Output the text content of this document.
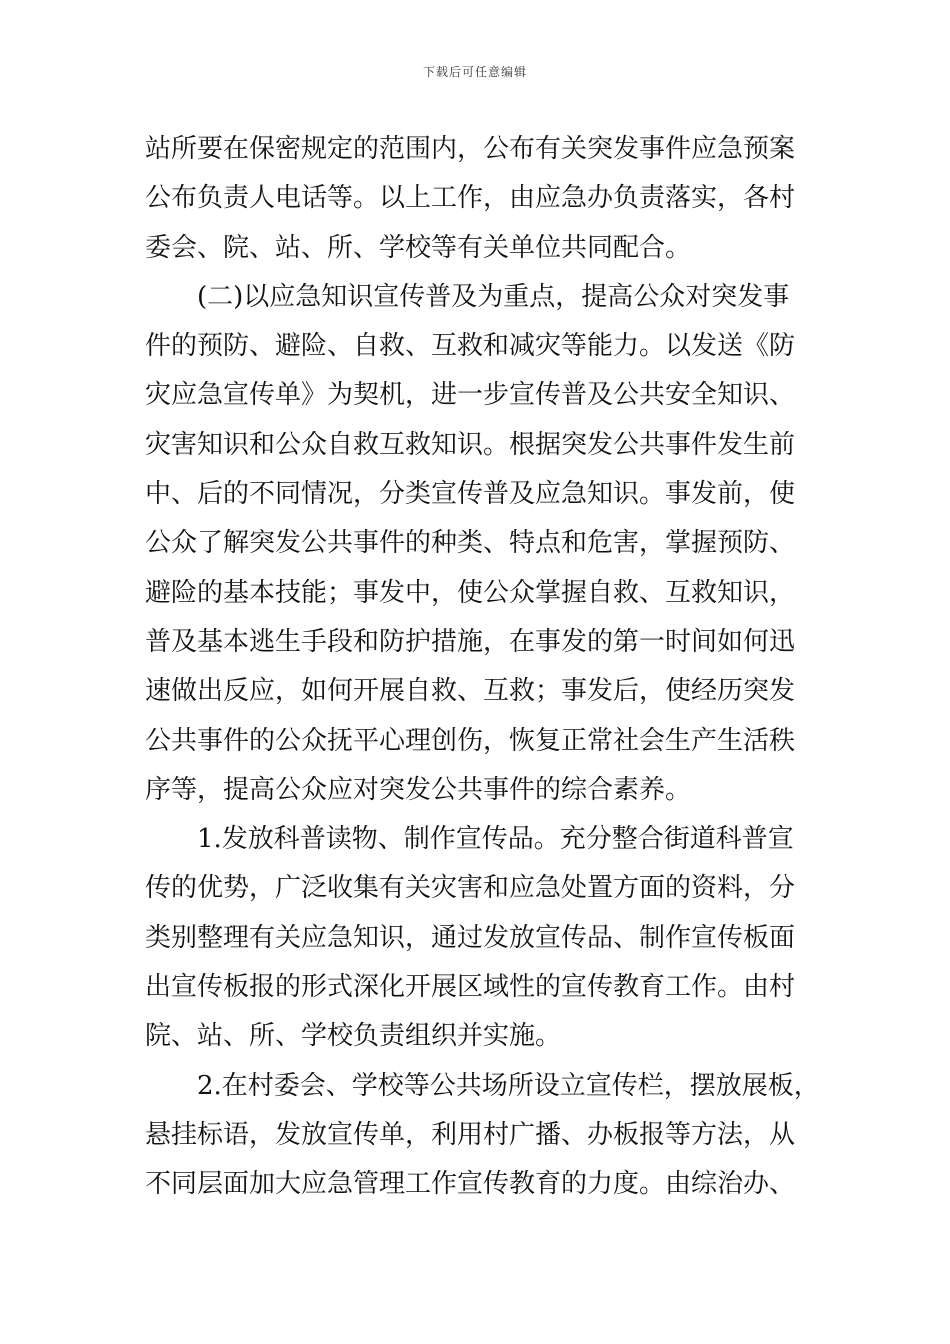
下载后可任意编辑
站所要在保密规定的范围内，公布有关突发事件应急预案
公布负责人电话等。以上工作，由应急办负责落实，各村
委会、院、站、所、学校等有关单位共同配合。
(二)以应急知识宣传普及为重点，提高公众对突发事
件的预防、避险、自救、互救和减灾等能力。以发送《防
灾应急宣传单》为契机，进一步宣传普及公共安全知识、
灾害知识和公众自救互救知识。根据突发公共事件发生前
中、后的不同情况，分类宣传普及应急知识。事发前，使
公众了解突发公共事件的种类、特点和危害，掌握预防、
避险的基本技能；事发中，使公众掌握自救、互救知识，
普及基本逃生手段和防护措施，在事发的第一时间如何迅
速做出反应，如何开展自救、互救；事发后，使经历突发
公共事件的公众抚平心理创伤，恢复正常社会生产生活秩
序等，提高公众应对突发公共事件的综合素养。
1.发放科普读物、制作宣传品。充分整合街道科普宣
传的优势，广泛收集有关灾害和应急处置方面的资料，分
类别整理有关应急知识，通过发放宣传品、制作宣传板面
出宣传板报的形式深化开展区域性的宣传教育工作。由村
院、站、所、学校负责组织并实施。
2.在村委会、学校等公共场所设立宣传栏，摆放展板，
悬挂标语，发放宣传单，利用村广播、办板报等方法，从
不同层面加大应急管理工作宣传教育的力度。由综治办、
